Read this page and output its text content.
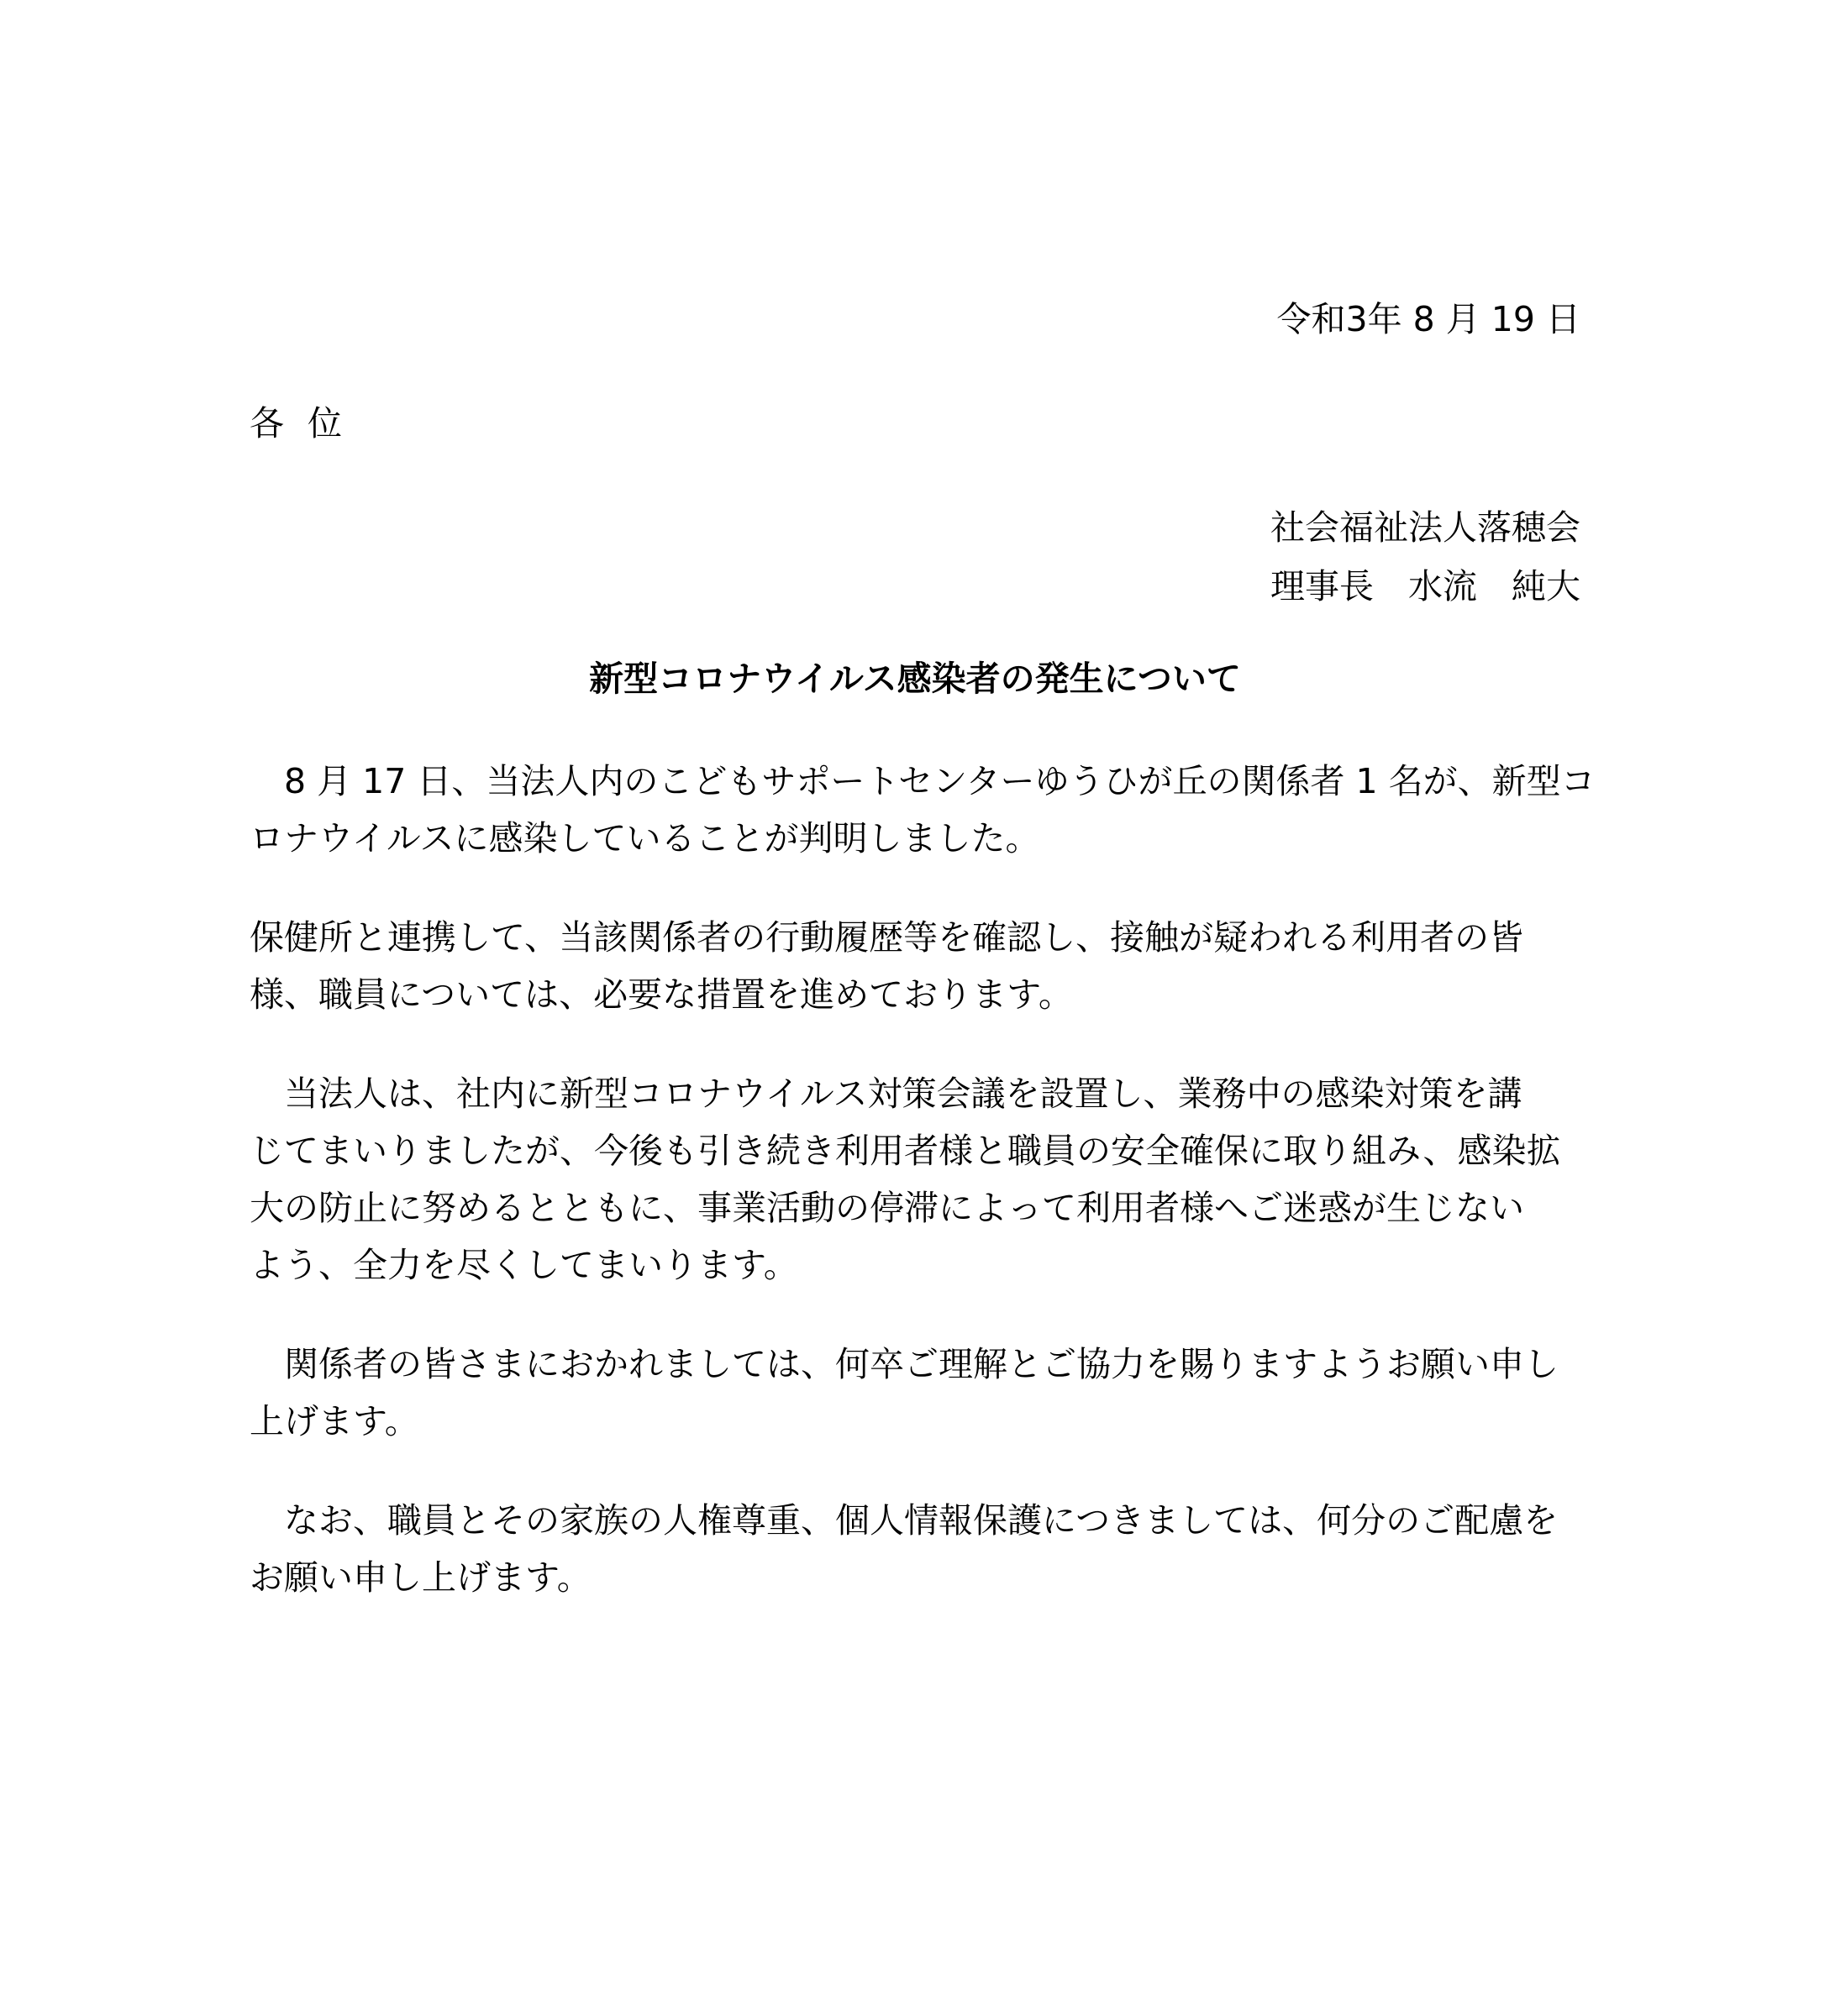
令和3年 8 月 19 日
各位
社会福祉法人落穂会
理事長　水流　純大
新型コロナウイルス感染者の発生について
　8 月 17 日、当法人内のこどもサポートセンターゆうひが丘の関係者 1 名が、新型コ
ロナウイルスに感染していることが判明しました。
保健所と連携して、当該関係者の行動履歴等を確認し、接触が疑われる利用者の皆
様、職員については、必要な措置を進めております。
　当法人は、社内に新型コロナウイルス対策会議を設置し、業務中の感染対策を講
じてまいりましたが、今後も引き続き利用者様と職員の安全確保に取り組み、感染拡
大の防止に努めるとともに、事業活動の停滞によって利用者様へご迷惑が生じない
よう、全力を尽くしてまいります。
　関係者の皆さまにおかれましては、何卒ご理解とご協力を賜りますようお願い申し
上げます。
　なお、職員とその家族の人権尊重、個人情報保護につきましては、何分のご配慮を
お願い申し上げます。
